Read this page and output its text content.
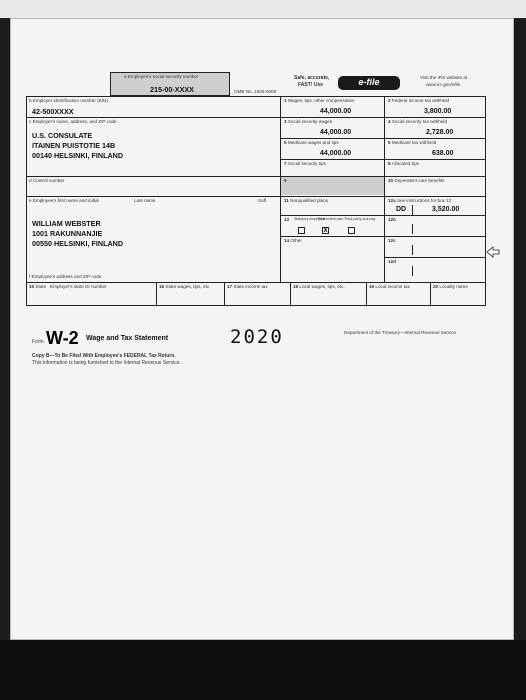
a Employee's social security number
215-00-XXXX	OMB No. 1545-0008
Safe, accurate,
FAST! Use	e-file	Visit the IRS website at
www.irs.gov/efile
b Employer identification number (EIN)
42-500XXXX
c Employer's name, address, and ZIP code
U.S. CONSULATE
ITAINEN PUISTOTIE 14B
00140 HELSINKI, FINLAND
d Control number
e Employee's first name and initial	Last name	Suff.
WILLIAM WEBSTER
1001 RAKUNNANJIE
00550 HELSINKI, FINLAND
f Employee's address and ZIP code
1 Wages, tips, other compensation
44,000.00
3 Social security wages
44,000.00
5 Medicare wages and tips
44,000.00
7 Social security tips
9
11 Nonqualified plans
13 Statutory employee
Retirement plan Third-party sick pay
X
14 Other
2 Federal income tax withheld
3,800.00
4 Social security tax withheld
2,728.00
6 Medicare tax withheld
638.00
8 Allocated tips
10 Dependent care benefits
12a See instructions for box 12
DD	3,520.00
12b
12c
12d
15 State Employer's state ID number	16 State wages, tips, etc.	17 State income tax	18 Local wages, tips, etc.	19 Local income tax	20 Locality name
Form W-2 Wage and Tax Statement	2020	Department of the Treasury—Internal Revenue Service
Copy B—To Be Filed With Employee's FEDERAL Tax Return.
This information is being furnished to the Internal Revenue Service.
